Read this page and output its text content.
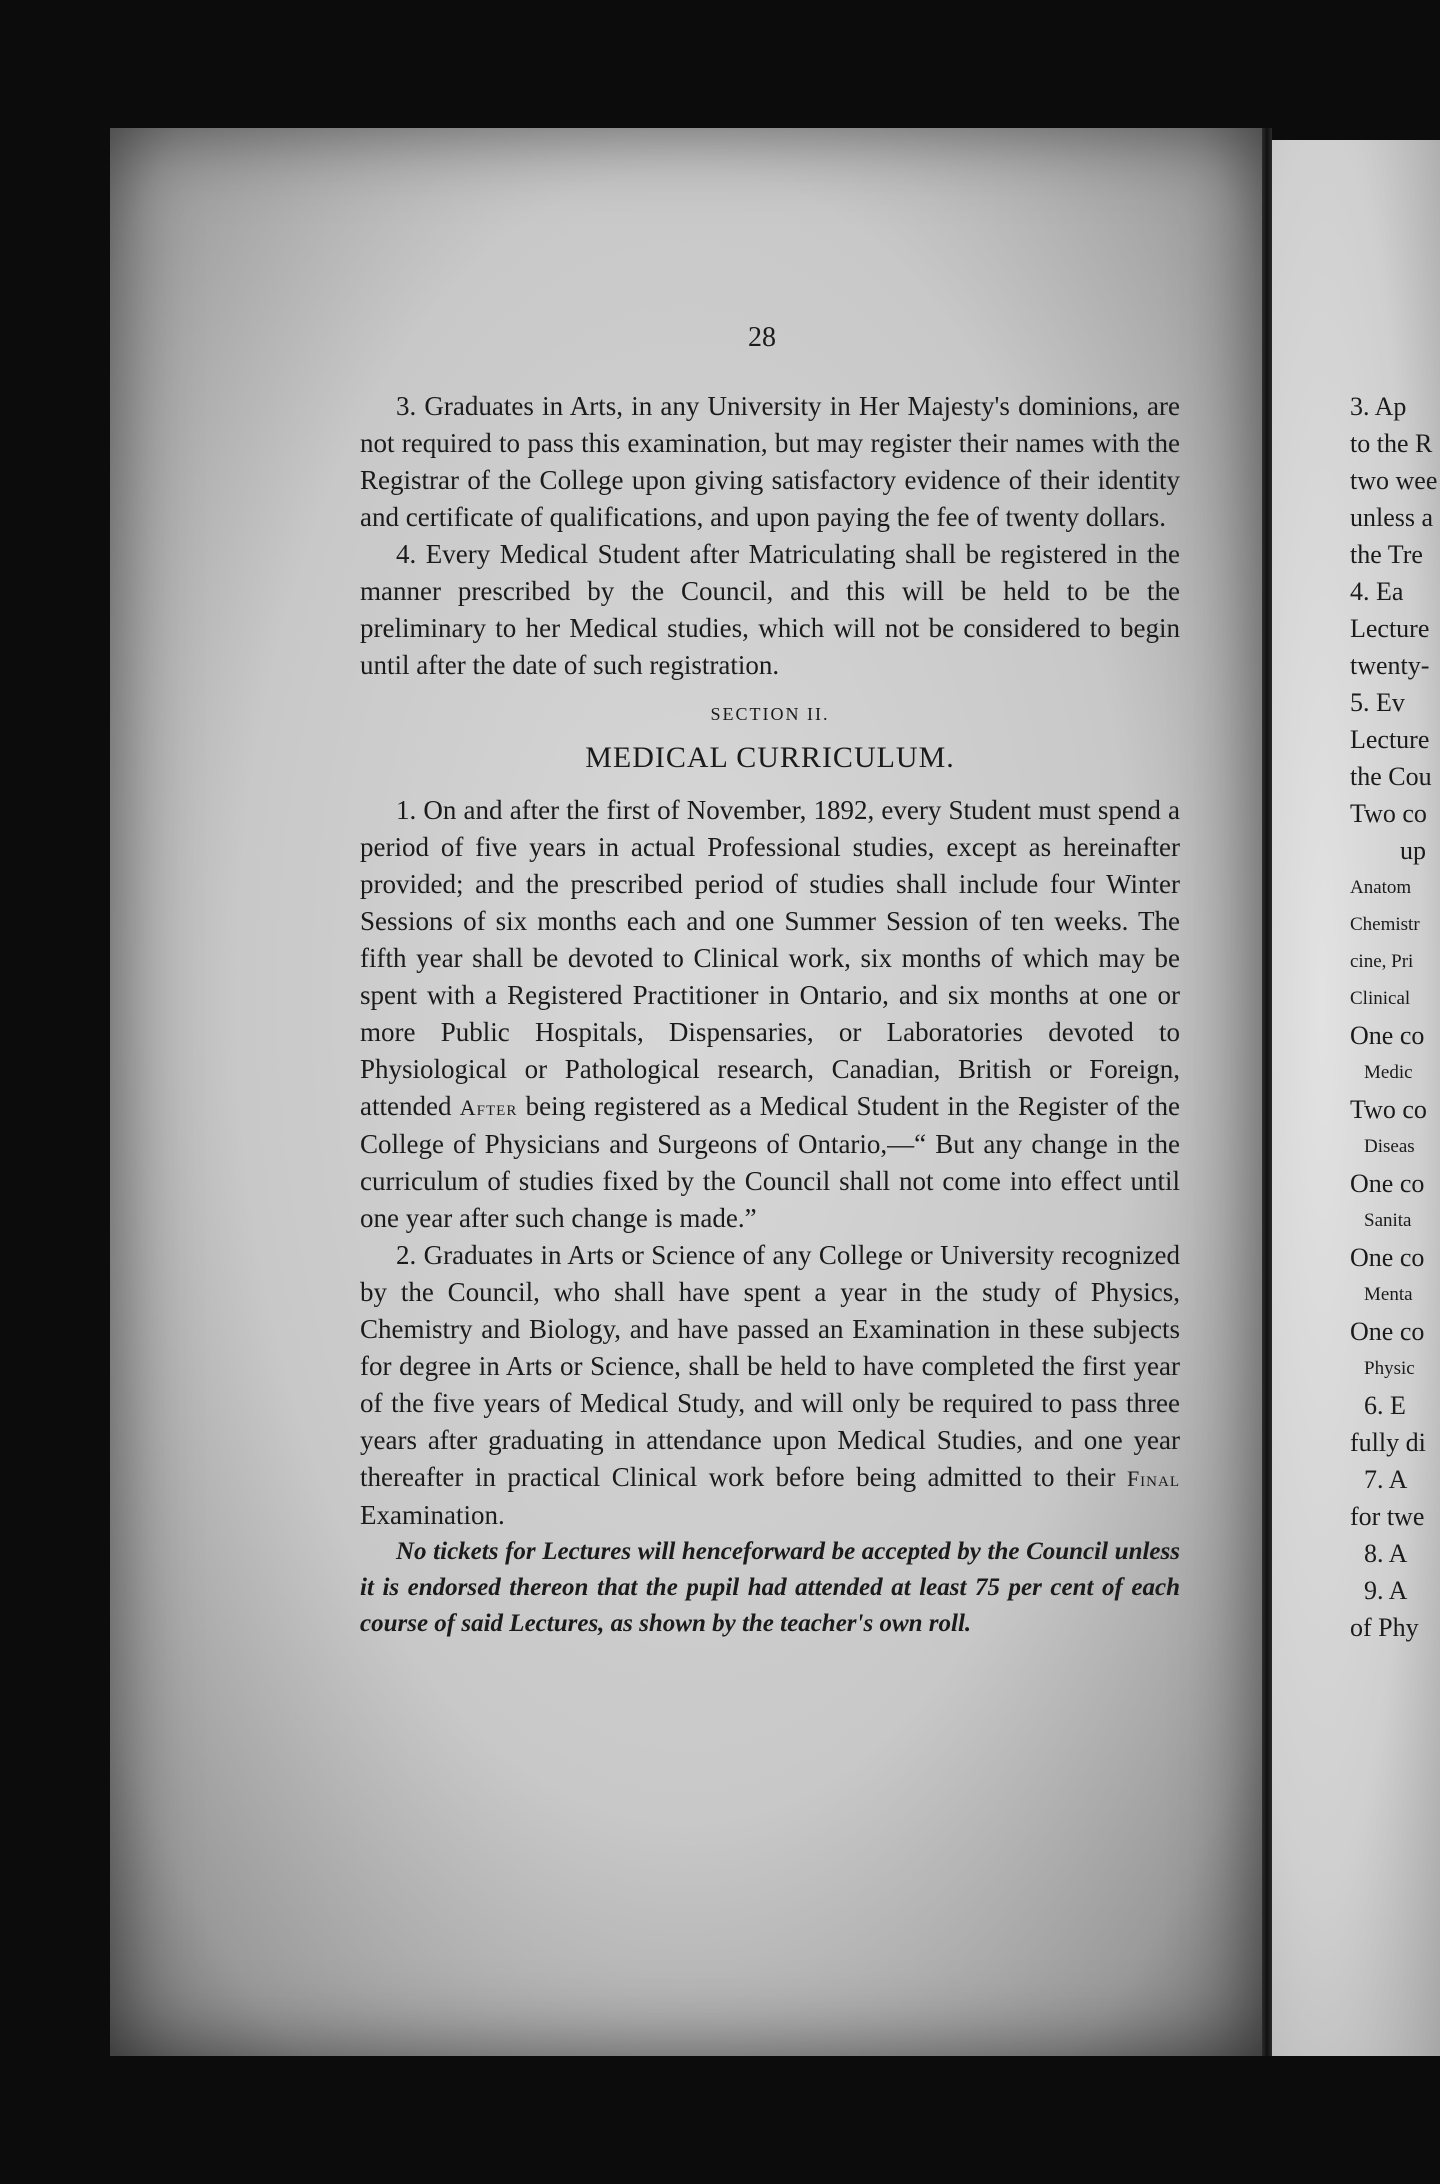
28

3. Graduates in Arts, in any University in Her Majesty's dominions, are not required to pass this examination, but may register their names with the Registrar of the College upon giving satisfactory evidence of their identity and certificate of qualifications, and upon paying the fee of twenty dollars.

4. Every Medical Student after Matriculating shall be registered in the manner prescribed by the Council, and this will be held to be the preliminary to her Medical studies, which will not be considered to begin until after the date of such registration.

SECTION II.
MEDICAL CURRICULUM.

1. On and after the first of November, 1892, every Student must spend a period of five years in actual Professional studies, except as hereinafter provided; and the prescribed period of studies shall include four Winter Sessions of six months each and one Summer Session of ten weeks. The fifth year shall be devoted to Clinical work, six months of which may be spent with a Registered Practitioner in Ontario, and six months at one or more Public Hospitals, Dispensaries, or Laboratories devoted to Physiological or Pathological research, Canadian, British or Foreign, attended After being registered as a Medical Student in the Register of the College of Physicians and Surgeons of Ontario,—“ But any change in the curriculum of studies fixed by the Council shall not come into effect until one year after such change is made.”

2. Graduates in Arts or Science of any College or University recognized by the Council, who shall have spent a year in the study of Physics, Chemistry and Biology, and have passed an Examination in these subjects for degree in Arts or Science, shall be held to have completed the first year of the five years of Medical Study, and will only be required to pass three years after graduating in attendance upon Medical Studies, and one year thereafter in practical Clinical work before being admitted to their Final Examination.

No tickets for Lectures will henceforward be accepted by the Council unless it is endorsed thereon that the pupil had attended at least 75 per cent of each course of said Lectures, as shown by the teacher's own roll.

3. Ap
to the R
two wee
unless a
the Tre
4. Ea
Lecture
twenty-
5. Ev
Lecture
the Cou
Two co
up
Anatom
Chemistr
cine, Pri
Clinical
One co
Medic
Two co
Diseas
One co
Sanita
One co
Menta
One co
Physic
6. E
fully di
7. A
for twe
8. A
9. A
of Phy
